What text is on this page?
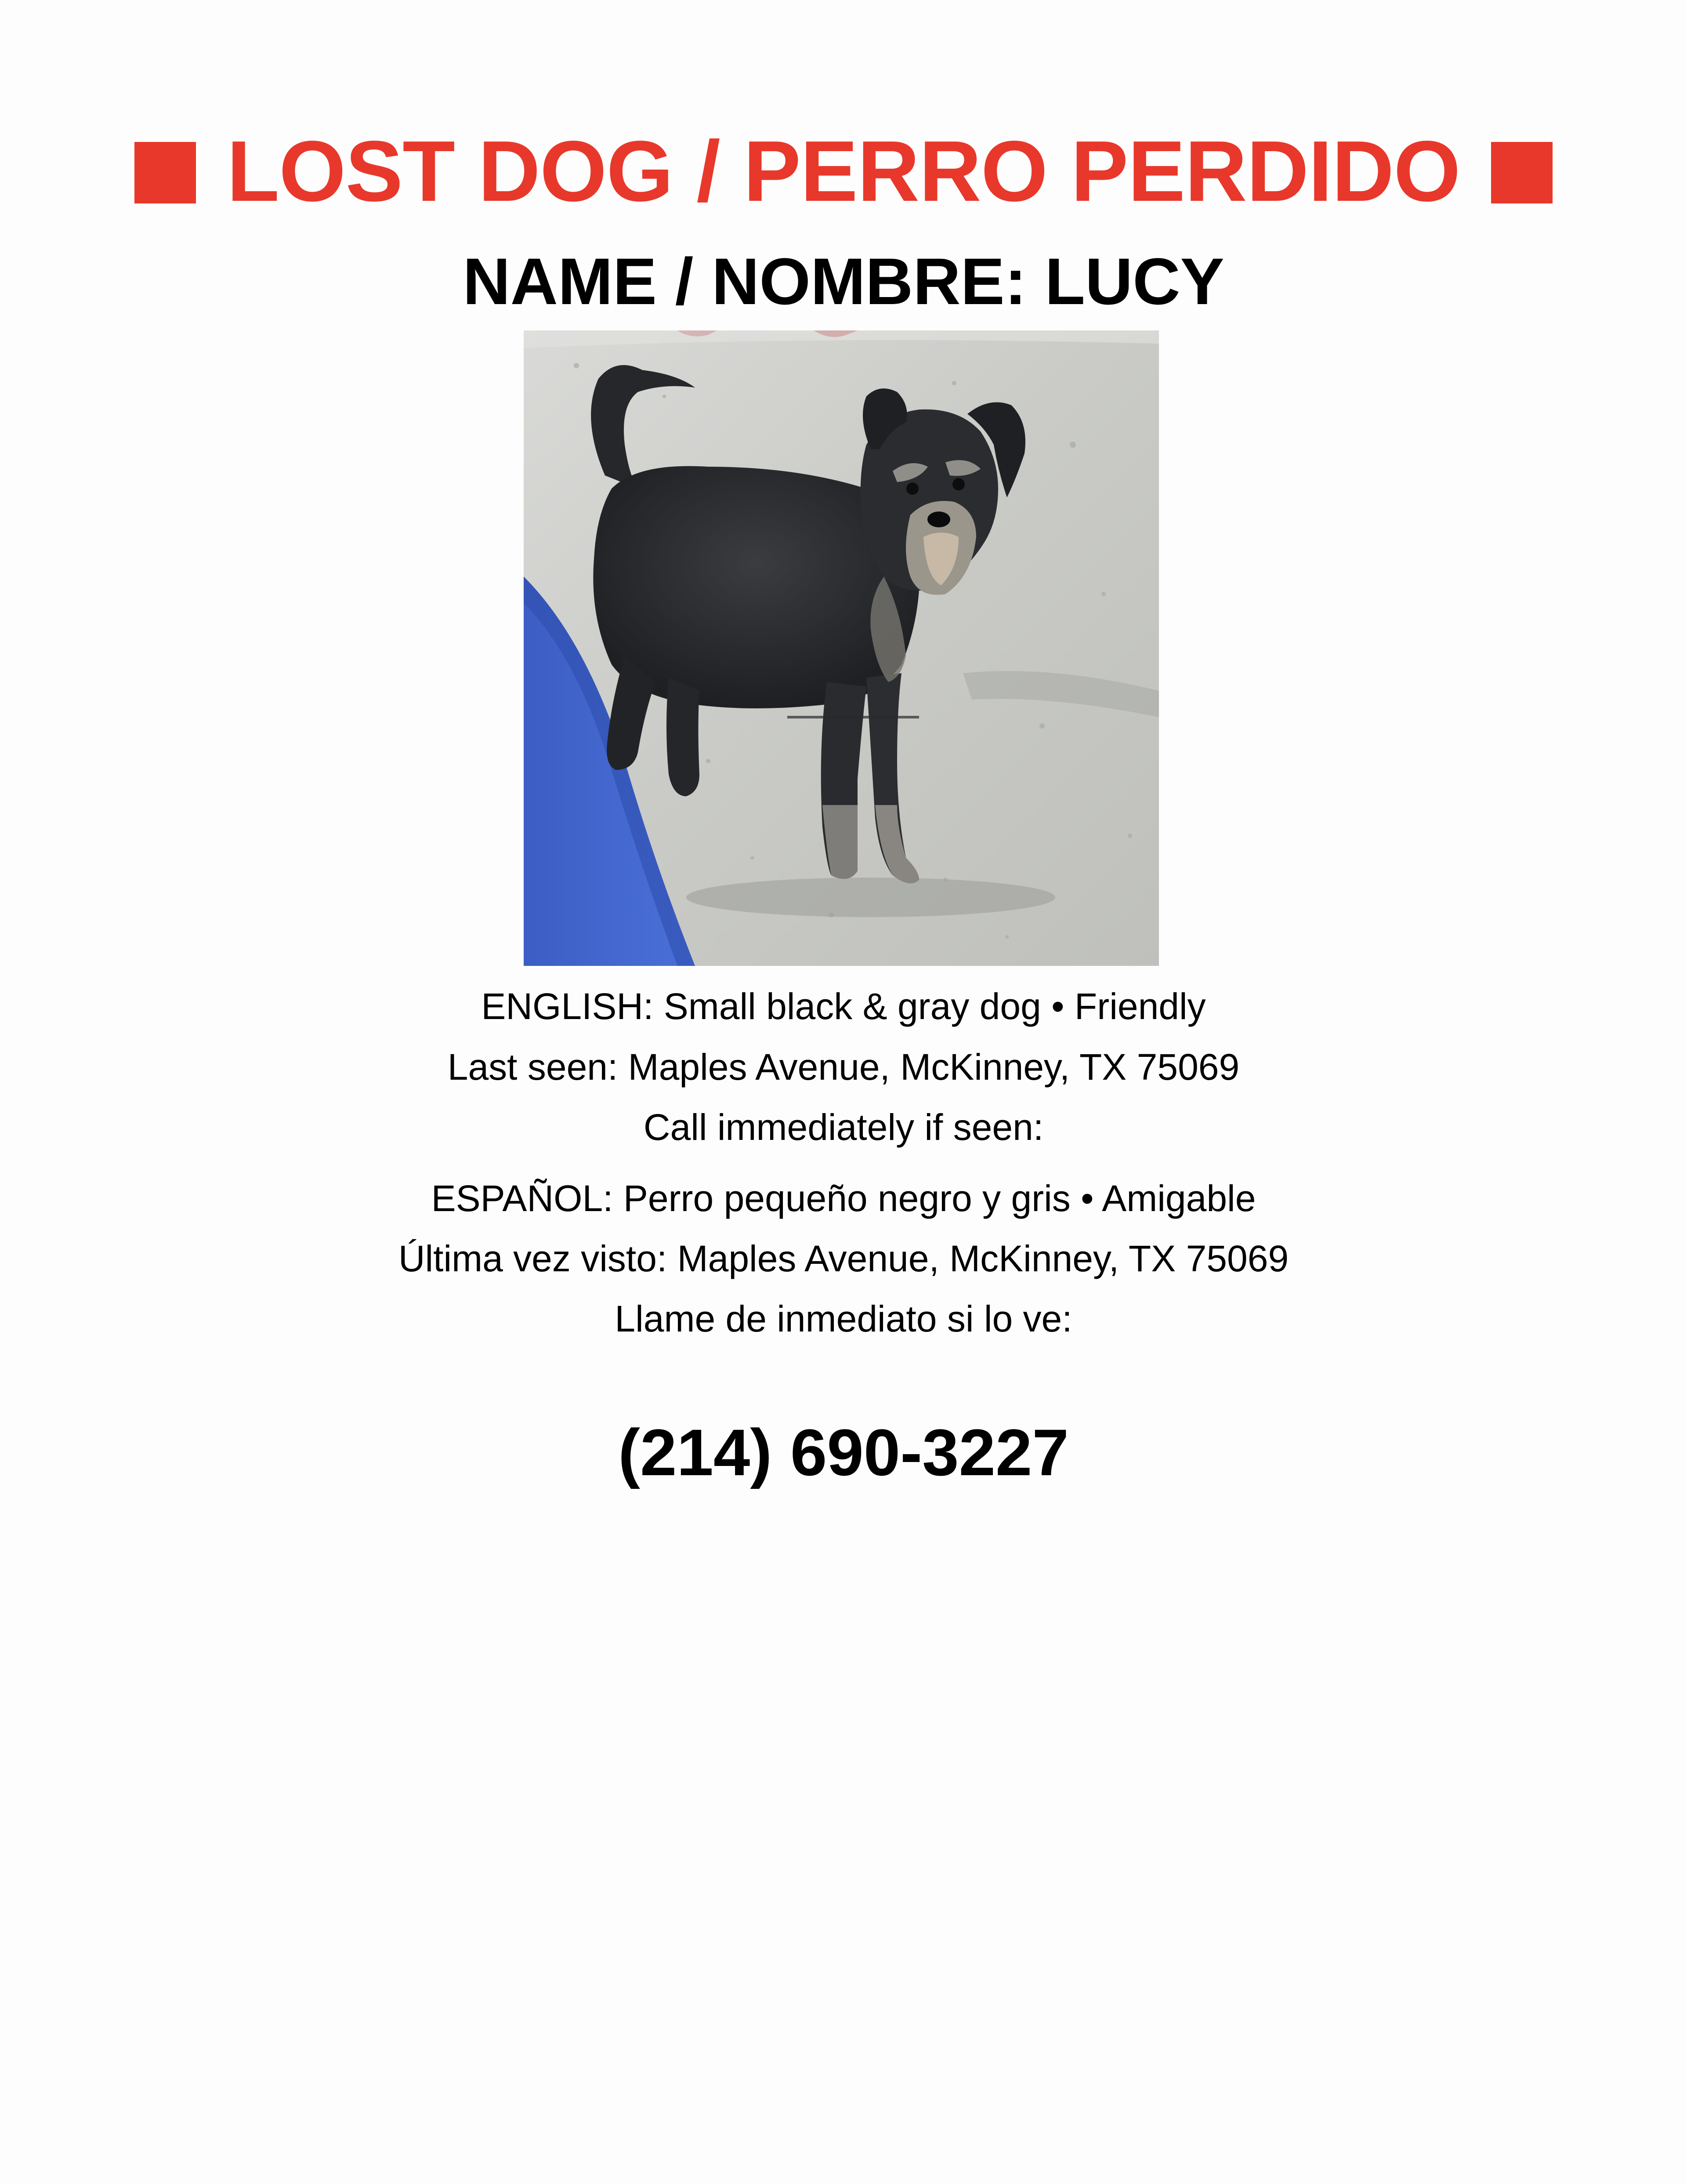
LOST DOG / PERRO PERDIDO
NAME / NOMBRE: LUCY
ENGLISH: Small black & gray dog • Friendly
Last seen: Maples Avenue, McKinney, TX 75069
Call immediately if seen:
ESPAÑOL: Perro pequeño negro y gris • Amigable
Última vez visto: Maples Avenue, McKinney, TX 75069
Llame de inmediato si lo ve:
(214) 690-3227
